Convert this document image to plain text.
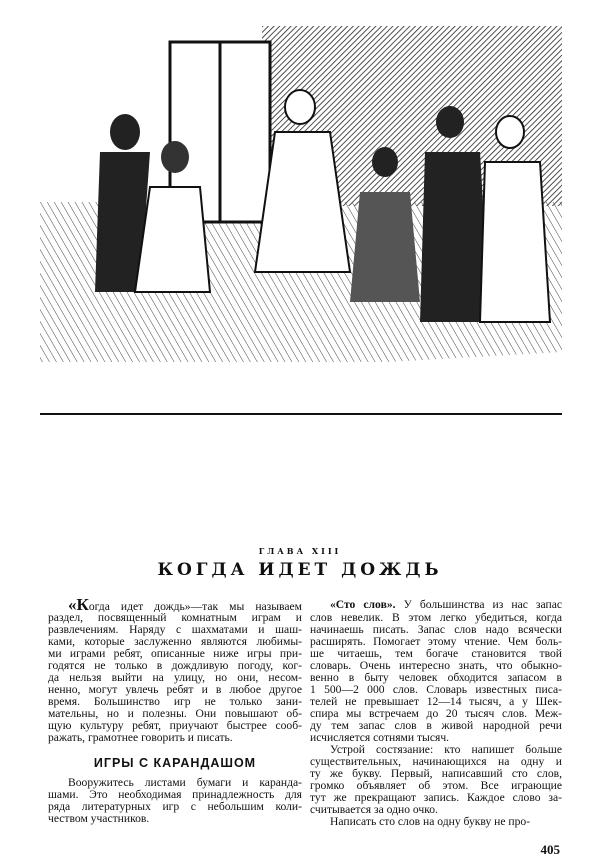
ГЛАВА XIII
КОГДА ИДЕТ ДОЖДЬ
«Когда идет дождь»—так мы называем
раздел, посвященный комнатным играм и
развлечениям. Наряду с шахматами и шаш-
ками, которые заслуженно являются любимы-
ми играми ребят, описанные ниже игры при-
годятся не только в дождливую погоду, ког-
да нельзя выйти на улицу, но они, несом-
ненно, могут увлечь ребят и в любое другое
время. Большинство игр не только зани-
мательны, но и полезны. Они повышают об-
щую культуру ребят, приучают быстрее сооб-
ражать, грамотнее говорить и писать.
ИГРЫ С КАРАНДАШОМ
Вооружитесь листами бумаги и каранда-
шами. Это необходимая принадлежность для
ряда литературных игр с небольшим коли-
чеством участников.
«Сто слов». У большинства из нас запас
слов невелик. В этом легко убедиться, когда
начинаешь писать. Запас слов надо всячески
расширять. Помогает этому чтение. Чем боль-
ше читаешь, тем богаче становится твой
словарь. Очень интересно знать, что обыкно-
венно в быту человек обходится запасом в
1 500—2 000 слов. Словарь известных писа-
телей не превышает 12—14 тысяч, а у Шек-
спира мы встречаем до 20 тысяч слов. Меж-
ду тем запас слов в живой народной речи
исчисляется сотнями тысяч.
Устрой состязание: кто напишет больше
существительных, начинающихся на одну и
ту же букву. Первый, написавший сто слов,
громко объявляет об этом. Все играющие
тут же прекращают запись. Каждое слово за-
считывается за одно очко.
Написать сто слов на одну букву не про-
405
